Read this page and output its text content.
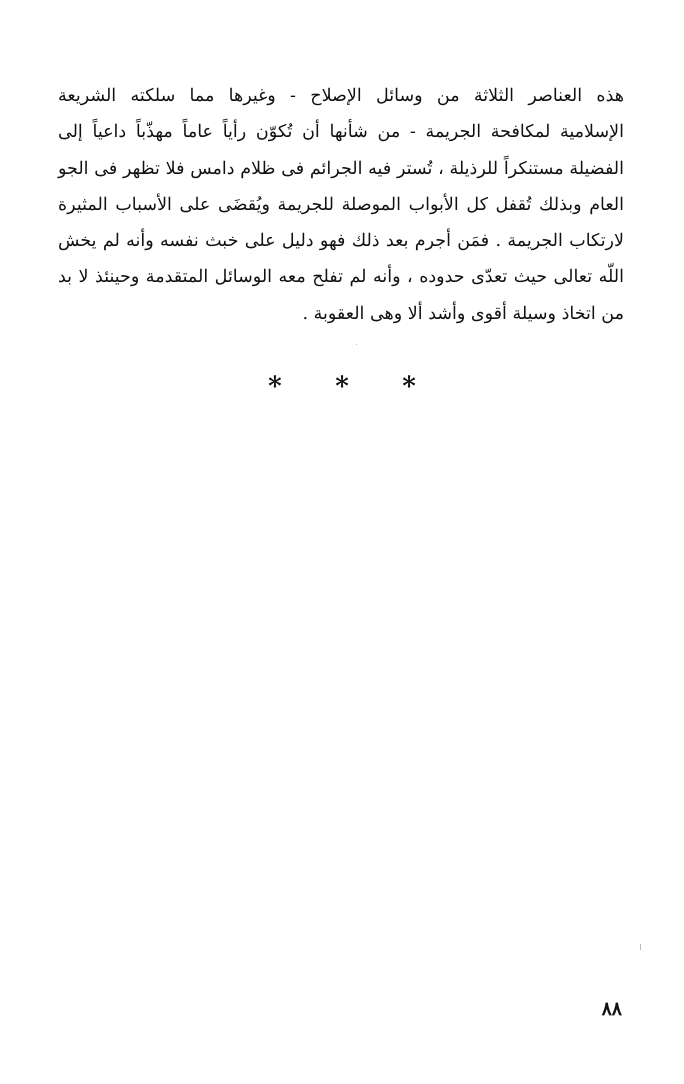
هذه العناصر الثلاثة من وسائل الإصلاح - وغيرها مما سلكته الشريعة
الإسلامية لمكافحة الجريمة - من شأنها أن تُكوّن رأياً عاماً مهذّباً داعياً إلى
الفضيلة مستنكراً للرذيلة ، تُستر فيه الجرائم فى ظلام دامس فلا تظهر فى الجو
العام وبذلك تُقفل كل الأبواب الموصلة للجريمة ويُقضَى على الأسباب المثيرة
لارتكاب الجريمة . فمَن أجرم بعد ذلك فهو دليل على خبث نفسه وأنه لم يخش
اللّه تعالى حيث تعدّى حدوده ، وأنه لم تفلح معه الوسائل المتقدمة وحينئذ لا بد
من اتخاذ وسيلة أقوى وأشد ألا وهى العقوبة .
* * *
٨٨
